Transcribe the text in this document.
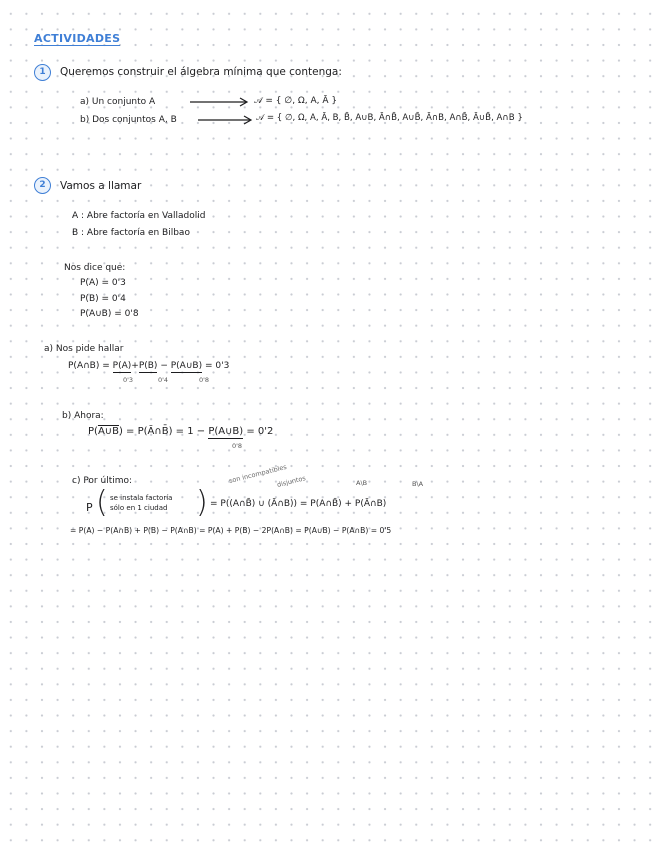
ACTIVIDADES
1	Queremos construir el álgebra mínima que contenga:
a) Un conjunto A	𝒜 = { ∅, Ω, A, Ā }
b) Dos conjuntos A, B	𝒜 = { ∅, Ω, A, Ā, B, B̄, A∪B, Ā∩B̄, A∪B̄, Ā∩B, A∩B̄, Ā∪B̄, A∩B }
2	Vamos a llamar
A : Abre factoría en Valladolid
B : Abre factoría en Bilbao
Nos dice que:
P(A) = 0'3
P(B) = 0'4
P(A∪B) = 0'8
a) Nos pide hallar
P(A∩B) = P(A)+P(B) − P(A∪B) = 0'3
0'3	0'4	0'8
b) Ahora:
P(A∪B) = P(Ā∩B̄) = 1 − P(A∪B) = 0'2
0'8
c) Por último:	son incompatibles
disjuntos	A\B	B\A
P ( se instala factoría
sólo en 1 ciudad ) = P((A∩B̄) ∪ (Ā∩B)) = P(A∩B̄) + P(Ā∩B)
= P(A) − P(A∩B) + P(B) − P(A∩B) = P(A) + P(B) − 2P(A∩B) = P(A∪B) − P(A∩B) = 0'5
